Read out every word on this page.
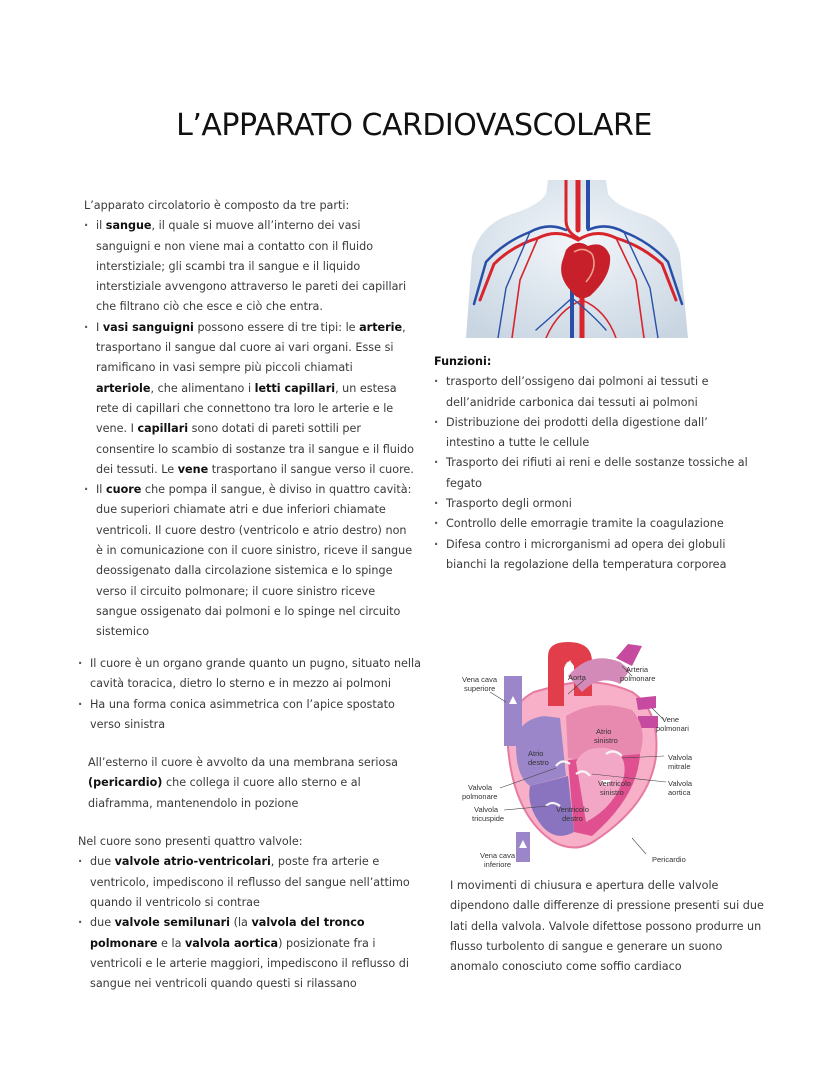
L’APPARATO CARDIOVASCOLARE

L’apparato circolatorio è composto da tre parti:

· il sangue, il quale si muove all’interno dei vasi sanguigni e non viene mai a contatto con il fluido interstiziale; gli scambi tra il sangue e il liquido interstiziale avvengono attraverso le pareti dei capillari che filtrano ciò che esce e ciò che entra.
· I vasi sanguigni possono essere di tre tipi: le arterie, trasportano il sangue dal cuore ai vari organi. Esse si ramificano in vasi sempre più piccoli chiamati arteriole, che alimentano i letti capillari, un estesa rete di capillari che connettono tra loro le arterie e le vene. I capillari sono dotati di pareti sottili per consentire lo scambio di sostanze tra il sangue e il fluido dei tessuti. Le vene trasportano il sangue verso il cuore.
· Il cuore che pompa il sangue, è diviso in quattro cavità: due superiori chiamate atri e due inferiori chiamate ventricoli. Il cuore destro (ventricolo e atrio destro) non è in comunicazione con il cuore sinistro, riceve il sangue deossigenato dalla circolazione sistemica e lo spinge verso il circuito polmonare; il cuore sinistro riceve sangue ossigenato dai polmoni e lo spinge nel circuito sistemico

Funzioni:

· trasporto dell’ossigeno dai polmoni ai tessuti e dell’anidride carbonica dai tessuti ai polmoni
· Distribuzione dei prodotti della digestione dall’ intestino a tutte le cellule
· Trasporto dei rifiuti ai reni e delle sostanze tossiche al fegato
· Trasporto degli ormoni
· Controllo delle emorragie tramite la coagulazione
· Difesa contro i microrganismi ad opera dei globuli bianchi la regolazione della temperatura corporea
· Il cuore è un organo grande quanto un pugno, situato nella cavità toracica, dietro lo sterno e in mezzo ai polmoni
· Ha una forma conica asimmetrica con l’apice spostato verso sinistra

All’esterno il cuore è avvolto da una membrana seriosa (pericardio) che collega il cuore allo sterno e al diaframma, mantenendolo in pozione

Nel cuore sono presenti quattro valvole:

· due valvole atrio-ventricolari, poste fra arterie e ventricolo, impediscono il reflusso del sangue nell’attimo quando il ventricolo si contrae
· due valvole semilunari (la valvola del tronco polmonare e la valvola aortica) posizionate fra i ventricoli e le arterie maggiori, impediscono il reflusso di sangue nei ventricoli quando questi si rilassano
Vena cava
superiore
Aorta
Arteria
polmonare
Vene
polmonari
Atrio
sinistro
Atrio
destro
Valvola
mitrale
Ventricolo
sinistro
Valvola
aortica
Valvola
polmonare
Valvola
tricuspide
Ventricolo
destro
Vena cava
inferiore
Pericardio
I movimenti di chiusura e apertura delle valvole dipendono dalle differenze di pressione presenti sui due lati della valvola. Valvole difettose possono produrre un flusso turbolento di sangue e generare un suono anomalo conosciuto come soffio cardiaco
